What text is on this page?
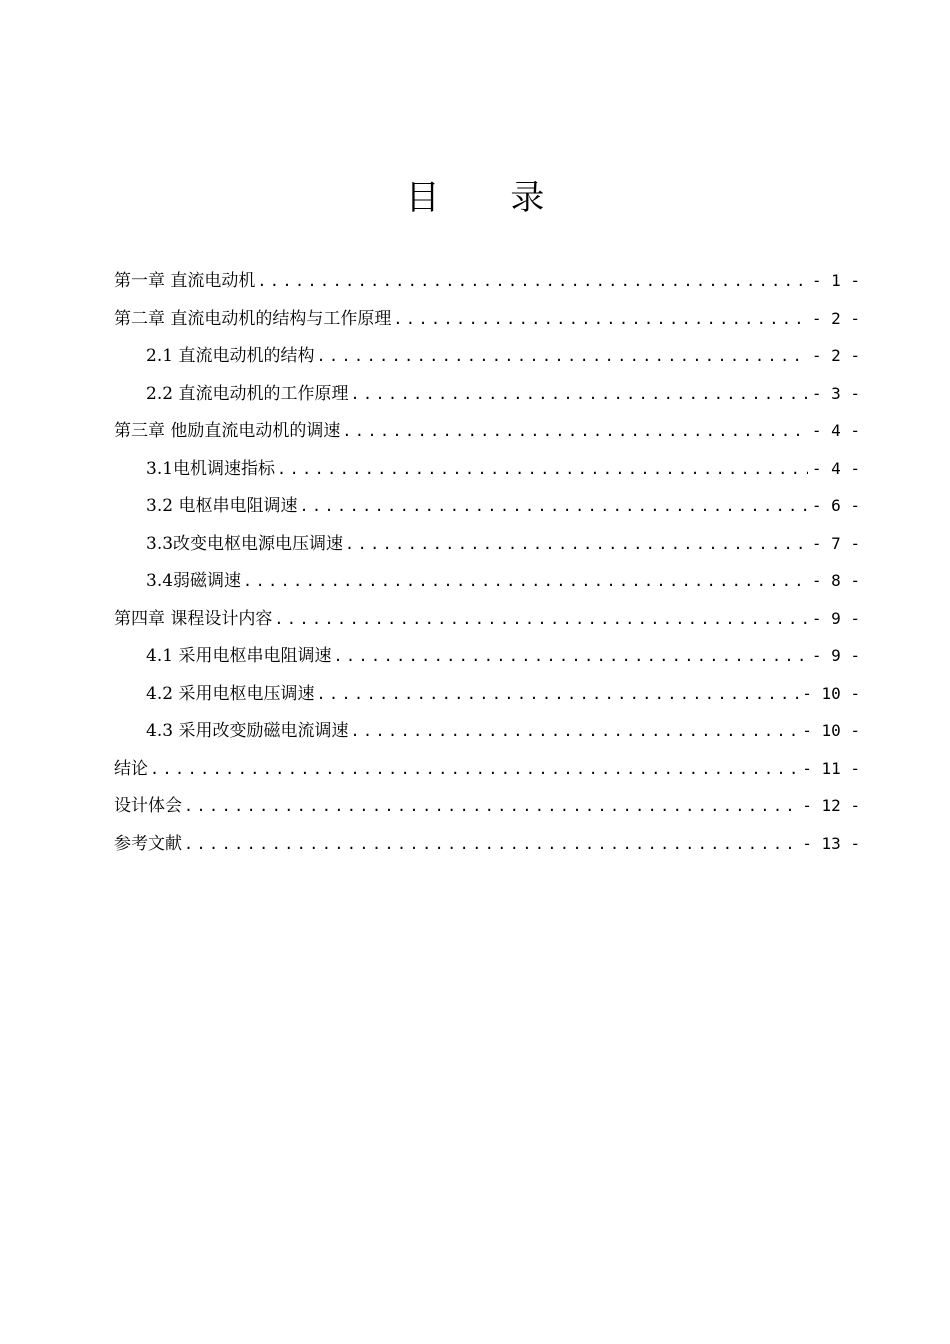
目 录
第一章 直流电动机 .....	- 1 -
第二章 直流电动机的结构与工作原理 .....	- 2 -
2.1 直流电动机的结构 .....	- 2 -
2.2 直流电动机的工作原理 .....	- 3 -
第三章 他励直流电动机的调速 .....	- 4 -
3.1电机调速指标 .....	- 4 -
3.2 电枢串电阻调速 .....	- 6 -
3.3改变电枢电源电压调速 .....	- 7 -
3.4弱磁调速 .....	- 8 -
第四章 课程设计内容 .....	- 9 -
4.1 采用电枢串电阻调速 .....	- 9 -
4.2 采用电枢电压调速 .....	- 10 -
4.3 采用改变励磁电流调速 .....	- 10 -
结论 .....	- 11 -
设计体会 .....	- 12 -
参考文献 .....	- 13 -
